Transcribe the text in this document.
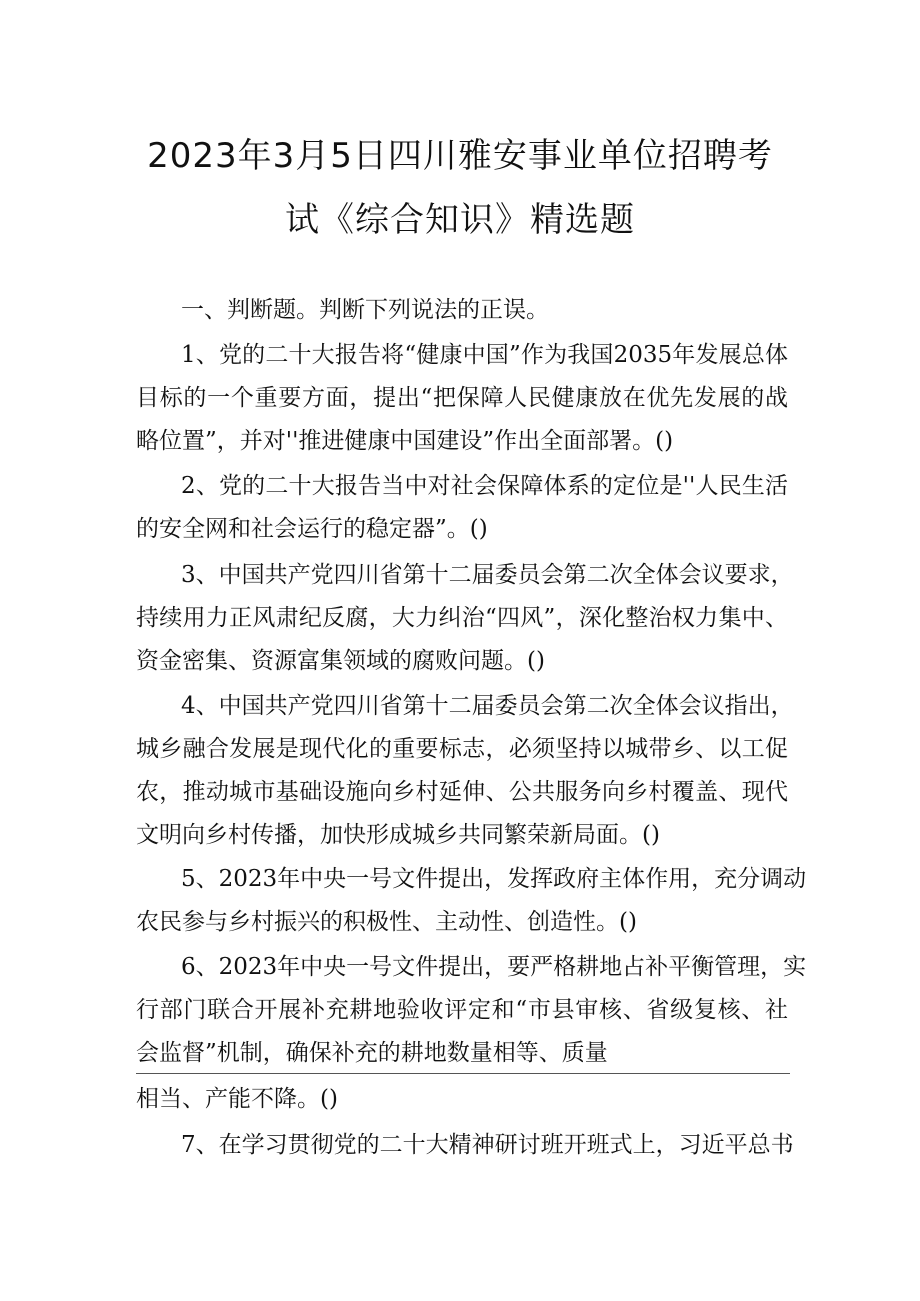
2023年3月5日四川雅安事业单位招聘考
试《综合知识》精选题
一、判断题。判断下列说法的正误。
1、党的二十大报告将“健康中国”作为我国2035年发展总体
目标的一个重要方面，提出“把保障人民健康放在优先发展的战
略位置”，并对''推进健康中国建设”作出全面部署。()
2、党的二十大报告当中对社会保障体系的定位是''人民生活
的安全网和社会运行的稳定器”。()
3、中国共产党四川省第十二届委员会第二次全体会议要求，
持续用力正风肃纪反腐，大力纠治“四风”，深化整治权力集中、
资金密集、资源富集领域的腐败问题。()
4、中国共产党四川省第十二届委员会第二次全体会议指出，
城乡融合发展是现代化的重要标志，必须坚持以城带乡、以工促
农，推动城市基础设施向乡村延伸、公共服务向乡村覆盖、现代
文明向乡村传播，加快形成城乡共同繁荣新局面。()
5、2023年中央一号文件提出，发挥政府主体作用，充分调动
农民参与乡村振兴的积极性、主动性、创造性。()
6、2023年中央一号文件提出，要严格耕地占补平衡管理，实
行部门联合开展补充耕地验收评定和“市县审核、省级复核、社
会监督”机制，确保补充的耕地数量相等、质量
相当、产能不降。()
7、在学习贯彻党的二十大精神研讨班开班式上，习近平总书
